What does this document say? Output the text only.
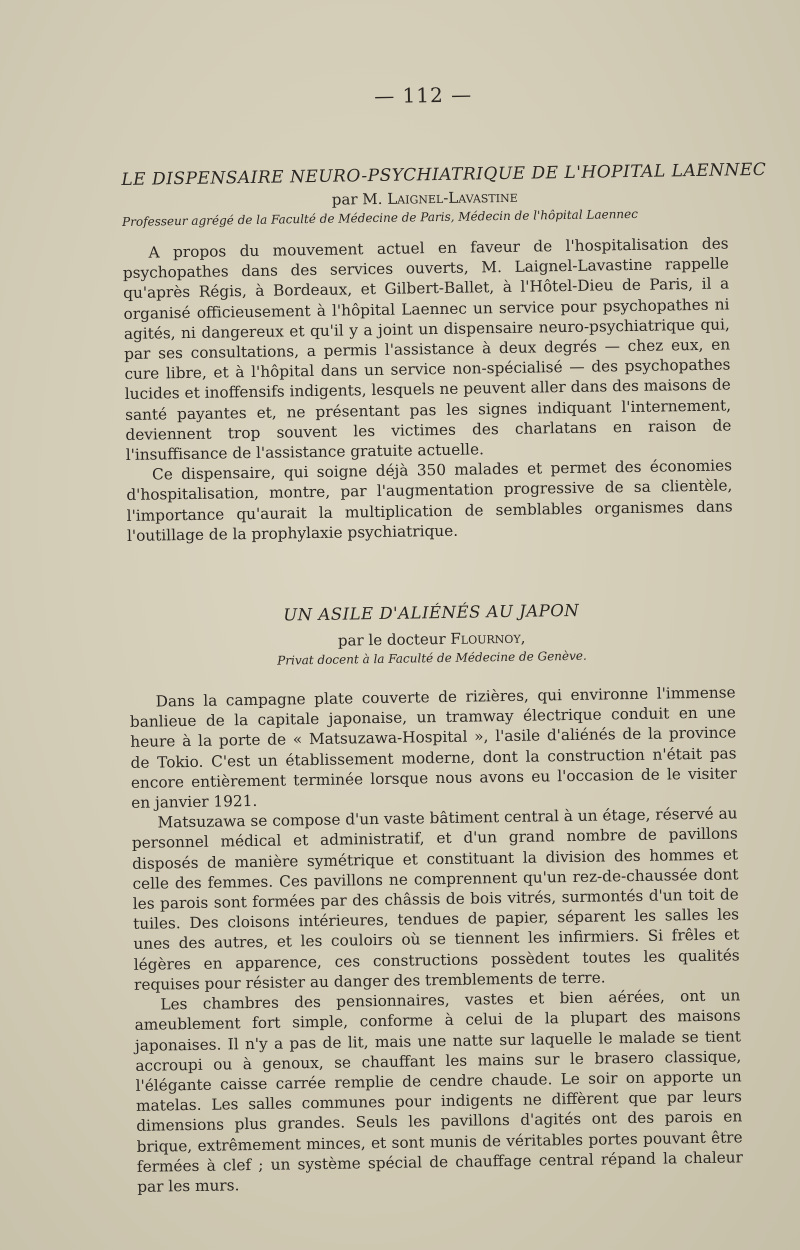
— 112 —
LE DISPENSAIRE NEURO-PSYCHIATRIQUE DE L'HOPITAL LAENNEC
par M. Laignel-Lavastine
Professeur agrégé de la Faculté de Médecine de Paris, Médecin de l'hôpital Laennec

A propos du mouvement actuel en faveur de l'hospitalisation des psychopathes dans des services ouverts, M. Laignel-Lavastine rappelle qu'après Régis, à Bordeaux, et Gilbert-Ballet, à l'Hôtel-Dieu de Paris, il a organisé officieusement à l'hôpital Laennec un service pour psychopathes ni agités, ni dangereux et qu'il y a joint un dispensaire neuro-psychiatrique qui, par ses consultations, a permis l'assistance à deux degrés — chez eux, en cure libre, et à l'hôpital dans un service non-spécialisé — des psychopathes lucides et inoffensifs indigents, lesquels ne peuvent aller dans des maisons de santé payantes et, ne présentant pas les signes indiquant l'internement, deviennent trop souvent les victimes des charlatans en raison de l'insuffisance de l'assistance gratuite actuelle.

Ce dispensaire, qui soigne déjà 350 malades et permet des économies d'hospitalisation, montre, par l'augmentation progressive de sa clientèle, l'importance qu'aurait la multiplication de semblables organismes dans l'outillage de la prophylaxie psychiatrique.

UN ASILE D'ALIÉNÉS AU JAPON
par le docteur Flournoy,
Privat docent à la Faculté de Médecine de Genève.

Dans la campagne plate couverte de rizières, qui environne l'immense banlieue de la capitale japonaise, un tramway électrique conduit en une heure à la porte de « Matsuzawa-Hospital », l'asile d'aliénés de la province de Tokio. C'est un établissement moderne, dont la construction n'était pas encore entièrement terminée lorsque nous avons eu l'occasion de le visiter en janvier 1921.

Matsuzawa se compose d'un vaste bâtiment central à un étage, réservé au personnel médical et administratif, et d'un grand nombre de pavillons disposés de manière symétrique et constituant la division des hommes et celle des femmes. Ces pavillons ne comprennent qu'un rez-de-chaussée dont les parois sont formées par des châssis de bois vitrés, surmontés d'un toit de tuiles. Des cloisons intérieures, tendues de papier, séparent les salles les unes des autres, et les couloirs où se tiennent les infirmiers. Si frêles et légères en apparence, ces constructions possèdent toutes les qualités requises pour résister au danger des tremblements de terre.

Les chambres des pensionnaires, vastes et bien aérées, ont un ameublement fort simple, conforme à celui de la plupart des maisons japonaises. Il n'y a pas de lit, mais une natte sur laquelle le malade se tient accroupi ou à genoux, se chauffant les mains sur le brasero classique, l'élégante caisse carrée remplie de cendre chaude. Le soir on apporte un matelas. Les salles communes pour indigents ne diffèrent que par leurs dimensions plus grandes. Seuls les pavillons d'agités ont des parois en brique, extrêmement minces, et sont munis de véritables portes pouvant être fermées à clef ; un système spécial de chauffage central répand la chaleur par les murs.
